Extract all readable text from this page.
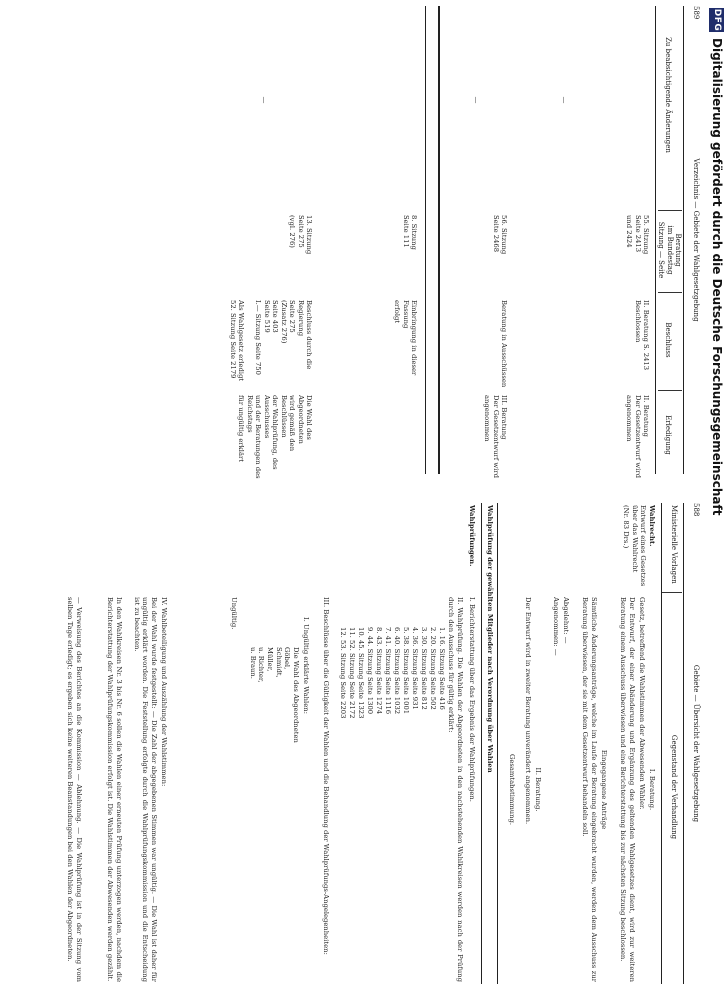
DFG
Digitalisierung gefördert durch die Deutsche Forschungsgemeinschaft
589
Verzeichnis — Gebiete der Wahlgesetzgebung
Zu beabsichtigende Änderungen
Beratung
im Bundestag
Sitzung — Seite
Beschluss
Erledigung
—
55. Sitzung
Seite 2413
und 2424
II. Beratung S. 2413
Beschlossen
II. Beratung
Der Gesetzentwurf wird
angenommen
—
56. Sitzung
Seite 2468
Beratung in Ausschüssen
III. Beratung
Der Gesetzentwurf wird
angenommen
8. Sitzung
Seite 111
Einbringung in dieser Fassung
erfolgt
—
13. Sitzung
Seite 275
(vgl. 276)
Beschluss durch die Regierung
Seite 275
(Zusatz 276)
Seite 403
Seite 519
I.— Sitzung Seite 750

Als Wahlgesetz erledigt
52. Sitzung Seite 2179
Die Wahl des Abgeordneten
wird gemäß den Beschlüssen
der Wahlprüfung, des Ausschusses
und der Beratungen des Reichstags
für ungültig erklärt
588
Gebiete — Übersicht der Wahlgesetzgebung
Ministerielle Vorlagen
Gegenstand der Verhandlung
Wahlrecht.
Entwurf eines Gesetzes
über das Wahlrecht
(Nr. 83 Drs.)
I. Beratung.
Gesetz, betreffend die Wahlstimmen der Abwesenden Wähler.
Der Entwurf, der einer Abänderung und Ergänzung des geltenden Wahlgesetzes dient, wird zur weiteren Beratung einem Ausschuss überwiesen und eine Berichterstattung bis zur nächsten Sitzung beschlossen.
Eingegangene Anträge
Sämtliche Änderungsanträge, welche im Laufe der Beratung eingebracht wurden, werden dem Ausschuss zur Beratung überwiesen, der sie mit dem Gesetzentwurf behandeln soll.
Abgelehnt: —
Angenommen: —
II. Beratung.
Der Entwurf wird in zweiter Beratung unverändert angenommen.
Gesamtabstimmung.
Wahlprüfung der gewählten Mitglieder nach Verordnung über Wahlen
Wahlprüfungen.
I. Berichterstattung über das Ergebnis der Wahlprüfungen.
II. Wahlprüfung. Die Wahlen der Abgeordneten in den nachstehenden Wahlkreisen werden nach der Prüfung durch den Ausschuss für gültig erklärt:
1. 16. Sitzung Seite 416
2. 20. Sitzung Seite 502
3. 30. Sitzung Seite 812
4. 36. Sitzung Seite 931
5. 38. Sitzung Seite 1001
6. 40. Sitzung Seite 1032
7. 41. Sitzung Seite 1116
8. 43. Sitzung Seite 1274
9. 44. Sitzung Seite 1300
10. 45. Sitzung Seite 1323
11. 52. Sitzung Seite 2172
12. 53. Sitzung Seite 2203
III. Beschlüsse über die Gültigkeit der Wahlen und die Behandlung der Wahlprüfungs-Angelegenheiten:
I. Ungültig erklärte Wahlen:
Die Wahl des Abgeordneten
Göbel,
Schmidt,
Müller,
u. Richter,
u. Braun.
Ungültig.
IV. Wahlbeteiligung und Auszählung der Wahlstimmen:
Bei der Wahl wurde festgestellt: — Die Zahl der abgegebenen Stimmen war ungültig. — Die Wahl ist daher für ungültig erklärt worden. Die Feststellung erfolgte durch die Wahlprüfungskommission und die Entscheidung ist zu beachten.
In den Wahlkreisen Nr. 3 bis Nr. 6 sollen die Wahlen einer erneuten Prüfung unterzogen werden, nachdem die Berichterstattung der Wahlprüfungskommission erfolgt ist. Die Wahlstimmen der Abwesenden werden gezählt.
— Verweisung des Berichtes an die Kommission — Ablehnung. — Die Wahlprüfung ist in der Sitzung vom selben Tage erledigt; es ergeben sich keine weiteren Beanstandungen bei den Wahlen der Abgeordneten.
